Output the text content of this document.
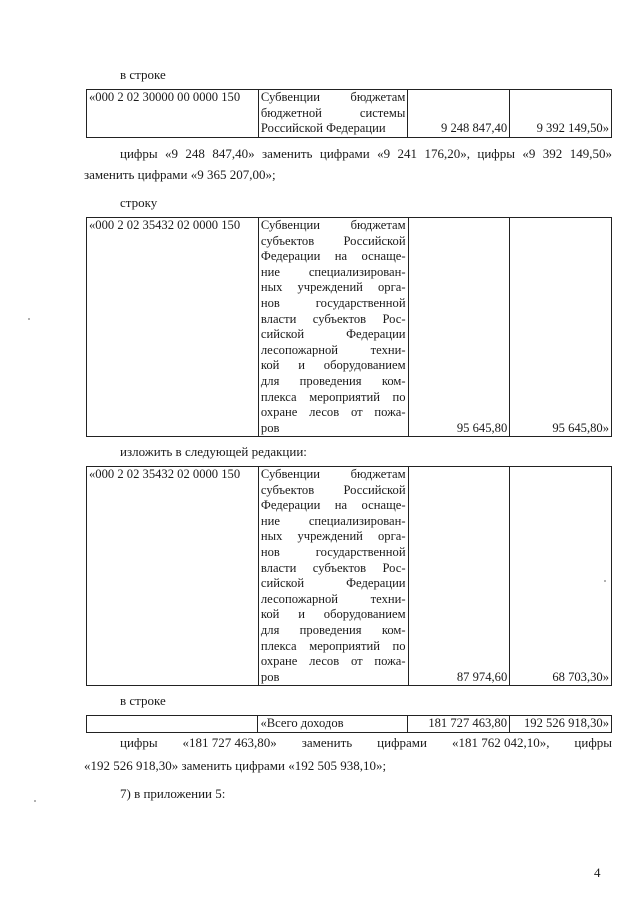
в строке
«000 2 02 30000 00 0000 150	Субвенции бюджетам
бюджетной системы
Российской Федерации	9 248 847,40	9 392 149,50»
цифры «9 248 847,40» заменить цифрами «9 241 176,20», цифры «9 392 149,50»
заменить цифрами «9 365 207,00»;
строку
«000 2 02 35432 02 0000 150	Субвенции бюджетам
субъектов Российской
Федерации на оснаще-
ние специализирован-
ных учреждений орга-
нов государственной
власти субъектов Рос-
сийской Федерации
лесопожарной техни-
кой и оборудованием
для проведения ком-
плекса мероприятий по
охране лесов от пожа-
ров	95 645,80	95 645,80»
изложить в следующей редакции:
«000 2 02 35432 02 0000 150	Субвенции бюджетам
субъектов Российской
Федерации на оснаще-
ние специализирован-
ных учреждений орга-
нов государственной
власти субъектов Рос-
сийской Федерации
лесопожарной техни-
кой и оборудованием
для проведения ком-
плекса мероприятий по
охране лесов от пожа-
ров	87 974,60	68 703,30»
в строке
	«Всего доходов	181 727 463,80	192 526 918,30»
цифры «181 727 463,80» заменить цифрами «181 762 042,10», цифры
«192 526 918,30» заменить цифрами «192 505 938,10»;
7) в приложении 5:
4
